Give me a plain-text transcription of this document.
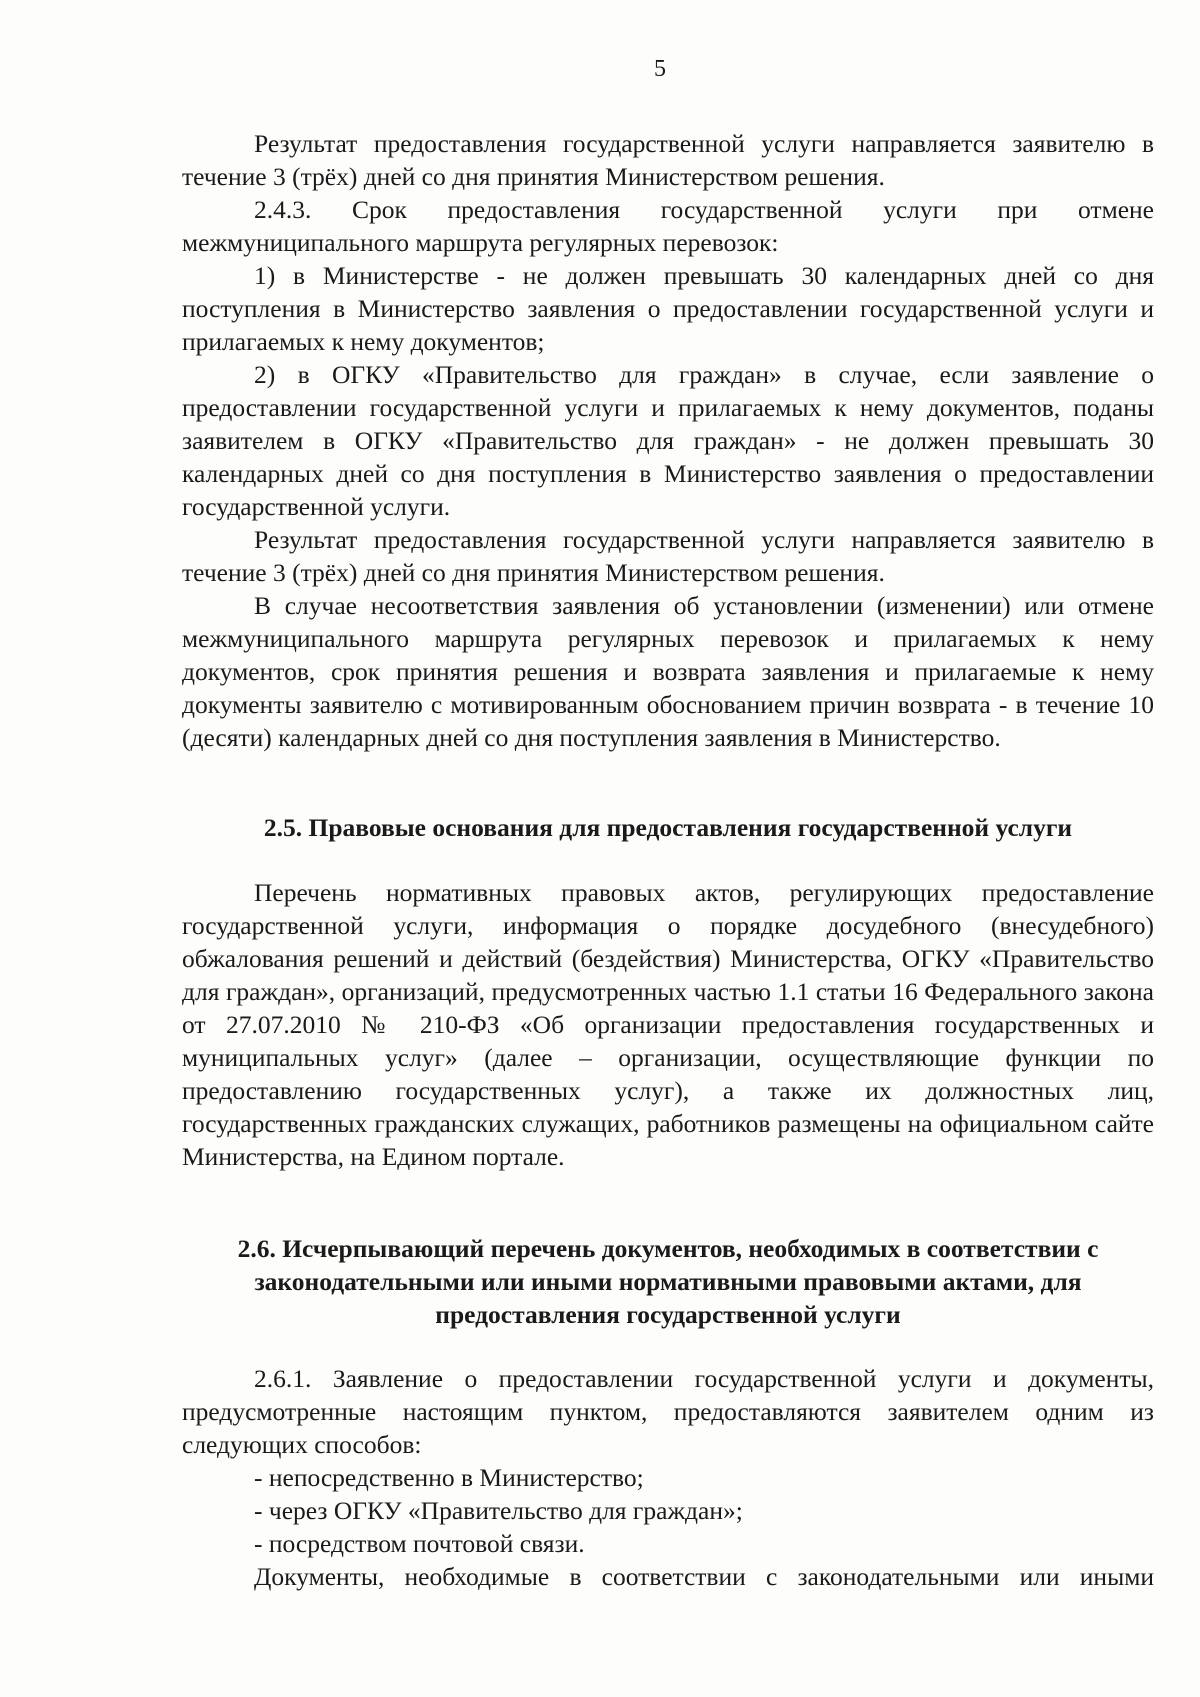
5

Результат предоставления государственной услуги направляется заявителю в течение 3 (трёх) дней со дня принятия Министерством решения.

2.4.3. Срок предоставления государственной услуги при отмене межмуниципального маршрута регулярных перевозок:

1) в Министерстве - не должен превышать 30 календарных дней со дня поступления в Министерство заявления о предоставлении государственной услуги и прилагаемых к нему документов;

2) в ОГКУ «Правительство для граждан» в случае, если заявление о предоставлении государственной услуги и прилагаемых к нему документов, поданы заявителем в ОГКУ «Правительство для граждан» - не должен превышать 30 календарных дней со дня поступления в Министерство заявления о предоставлении государственной услуги.

Результат предоставления государственной услуги направляется заявителю в течение 3 (трёх) дней со дня принятия Министерством решения.

В случае несоответствия заявления об установлении (изменении) или отмене межмуниципального маршрута регулярных перевозок и прилагаемых к нему документов, срок принятия решения и возврата заявления и прилагаемые к нему документы заявителю с мотивированным обоснованием причин возврата - в течение 10 (десяти) календарных дней со дня поступления заявления в Министерство.

2.5. Правовые основания для предоставления государственной услуги

Перечень нормативных правовых актов, регулирующих предоставление государственной услуги, информация о порядке досудебного (внесудебного) обжалования решений и действий (бездействия) Министерства, ОГКУ «Правительство для граждан», организаций, предусмотренных частью 1.1 статьи 16 Федерального закона от 27.07.2010 № 210-ФЗ «Об организации предоставления государственных и муниципальных услуг» (далее – организации, осуществляющие функции по предоставлению государственных услуг), а также их должностных лиц, государственных гражданских служащих, работников размещены на официальном сайте Министерства, на Едином портале.

2.6. Исчерпывающий перечень документов, необходимых в соответствии с законодательными или иными нормативными правовыми актами, для предоставления государственной услуги

2.6.1. Заявление о предоставлении государственной услуги и документы, предусмотренные настоящим пунктом, предоставляются заявителем одним из следующих способов:

- непосредственно в Министерство;

- через ОГКУ «Правительство для граждан»;

- посредством почтовой связи.

Документы, необходимые в соответствии с законодательными или иными
